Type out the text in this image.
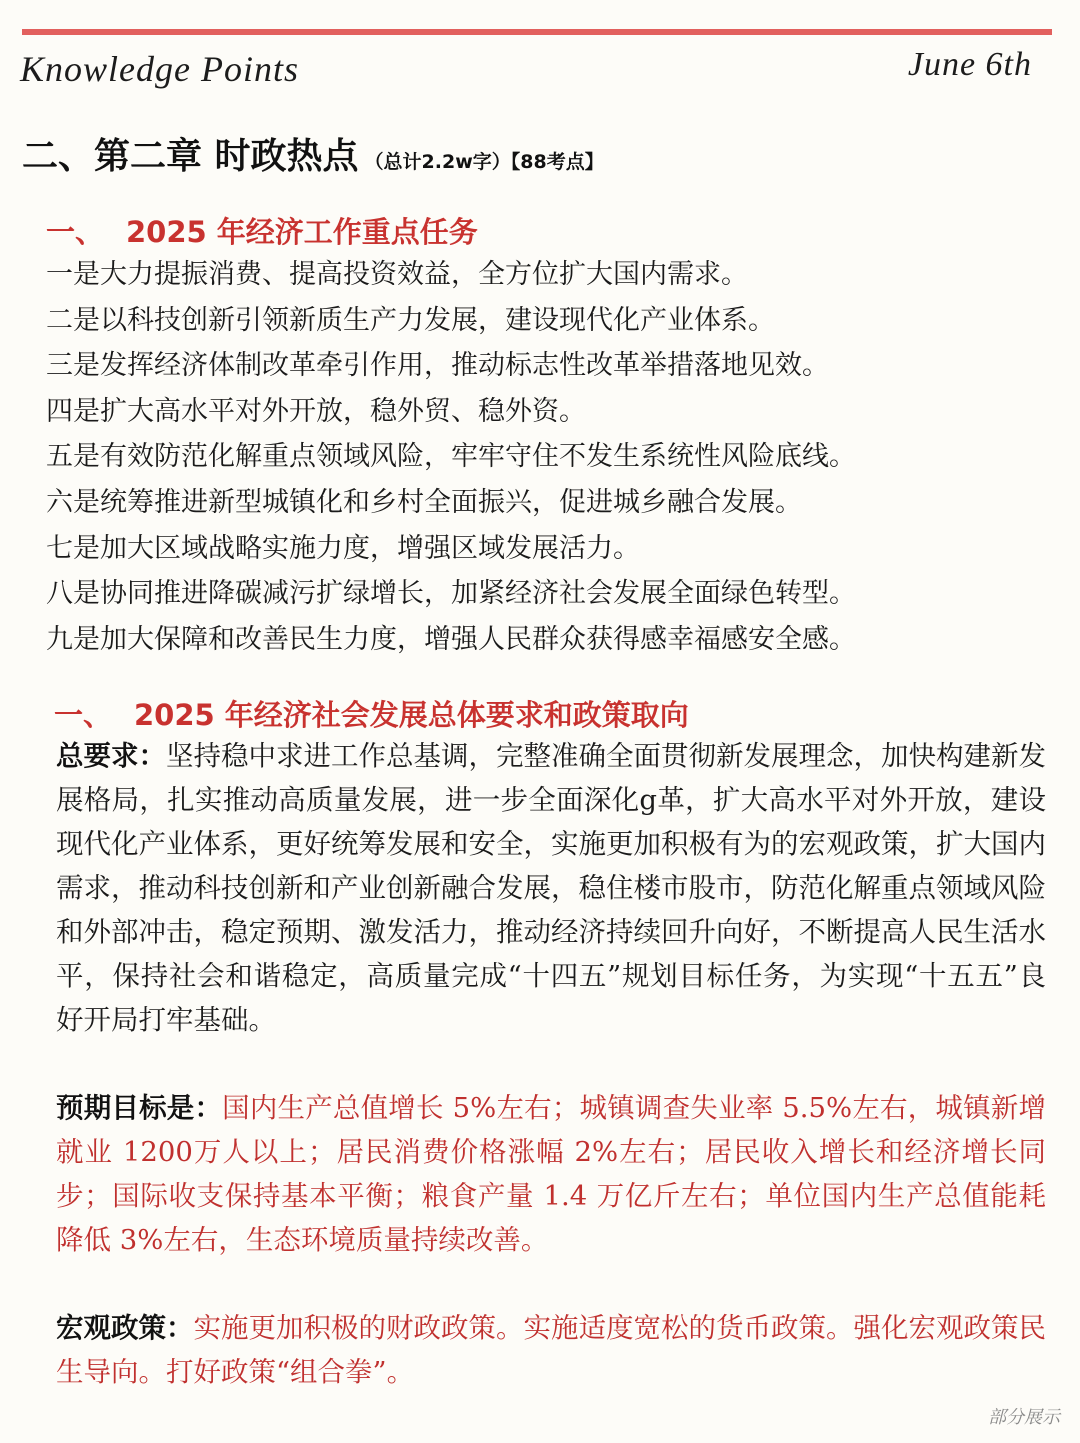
Knowledge Points	June 6th
二、第二章 时政热点 （总计2.2w字）【88考点】
一、 2025 年经济工作重点任务
一是大力提振消费、提高投资效益，全方位扩大国内需求。
二是以科技创新引领新质生产力发展，建设现代化产业体系。
三是发挥经济体制改革牵引作用，推动标志性改革举措落地见效。
四是扩大高水平对外开放，稳外贸、稳外资。
五是有效防范化解重点领域风险，牢牢守住不发生系统性风险底线。
六是统筹推进新型城镇化和乡村全面振兴，促进城乡融合发展。
七是加大区域战略实施力度，增强区域发展活力。
八是协同推进降碳减污扩绿增长，加紧经济社会发展全面绿色转型。
九是加大保障和改善民生力度，增强人民群众获得感幸福感安全感。
一、 2025 年经济社会发展总体要求和政策取向

总要求：坚持稳中求进工作总基调，完整准确全面贯彻新发展理念，加快构建新发展格局，扎实推动高质量发展，进一步全面深化g革，扩大高水平对外开放，建设现代化产业体系，更好统筹发展和安全，实施更加积极有为的宏观政策，扩大国内需求，推动科技创新和产业创新融合发展，稳住楼市股市，防范化解重点领域风险和外部冲击，稳定预期、激发活力，推动经济持续回升向好，不断提高人民生活水平，保持社会和谐稳定，高质量完成“十四五”规划目标任务，为实现“十五五”良好开局打牢基础。

预期目标是：国内生产总值增长 5%左右；城镇调查失业率 5.5%左右，城镇新增就业 1200万人以上；居民消费价格涨幅 2%左右；居民收入增长和经济增长同步；国际收支保持基本平衡；粮食产量 1.4 万亿斤左右；单位国内生产总值能耗降低 3%左右，生态环境质量持续改善。

宏观政策：实施更加积极的财政政策。实施适度宽松的货币政策。强化宏观政策民生导向。打好政策“组合拳”。

部分展示
